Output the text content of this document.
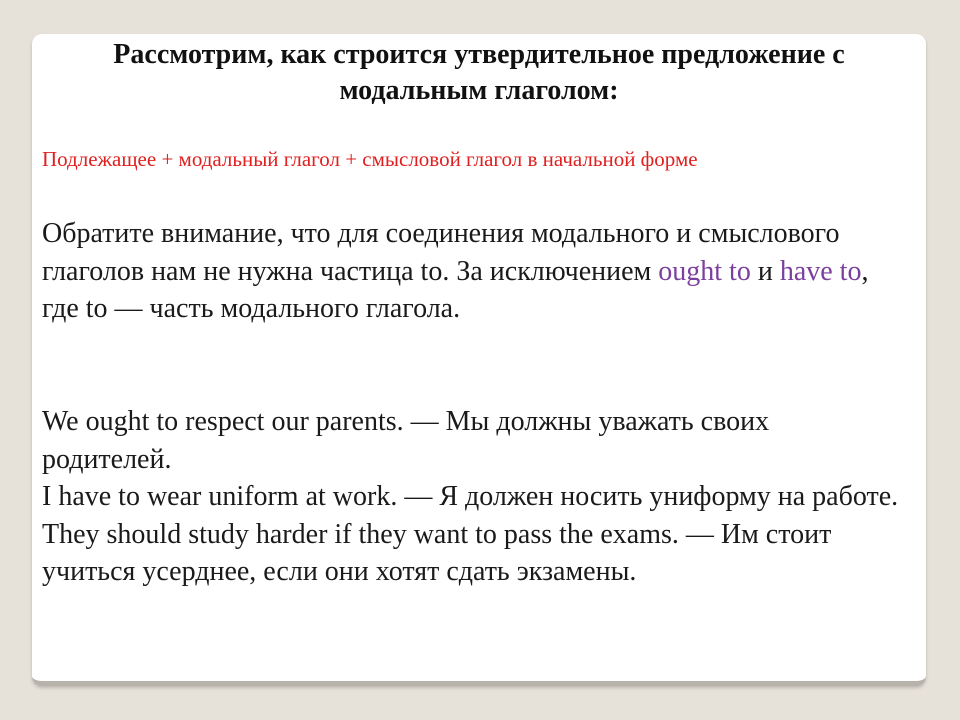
Рассмотрим, как строится утвердительное предложение с модальным глаголом:

Подлежащее + модальный глагол + смысловой глагол в начальной форме

Обратите внимание, что для соединения модального и смыслового глаголов нам не нужна частица to. За исключением ought to и have to, где to — часть модального глагола.

We ought to respect our parents. — Мы должны уважать своих родителей.
I have to wear uniform at work. — Я должен носить униформу на работе.
They should study harder if they want to pass the exams. — Им стоит учиться усерднее, если они хотят сдать экзамены.
